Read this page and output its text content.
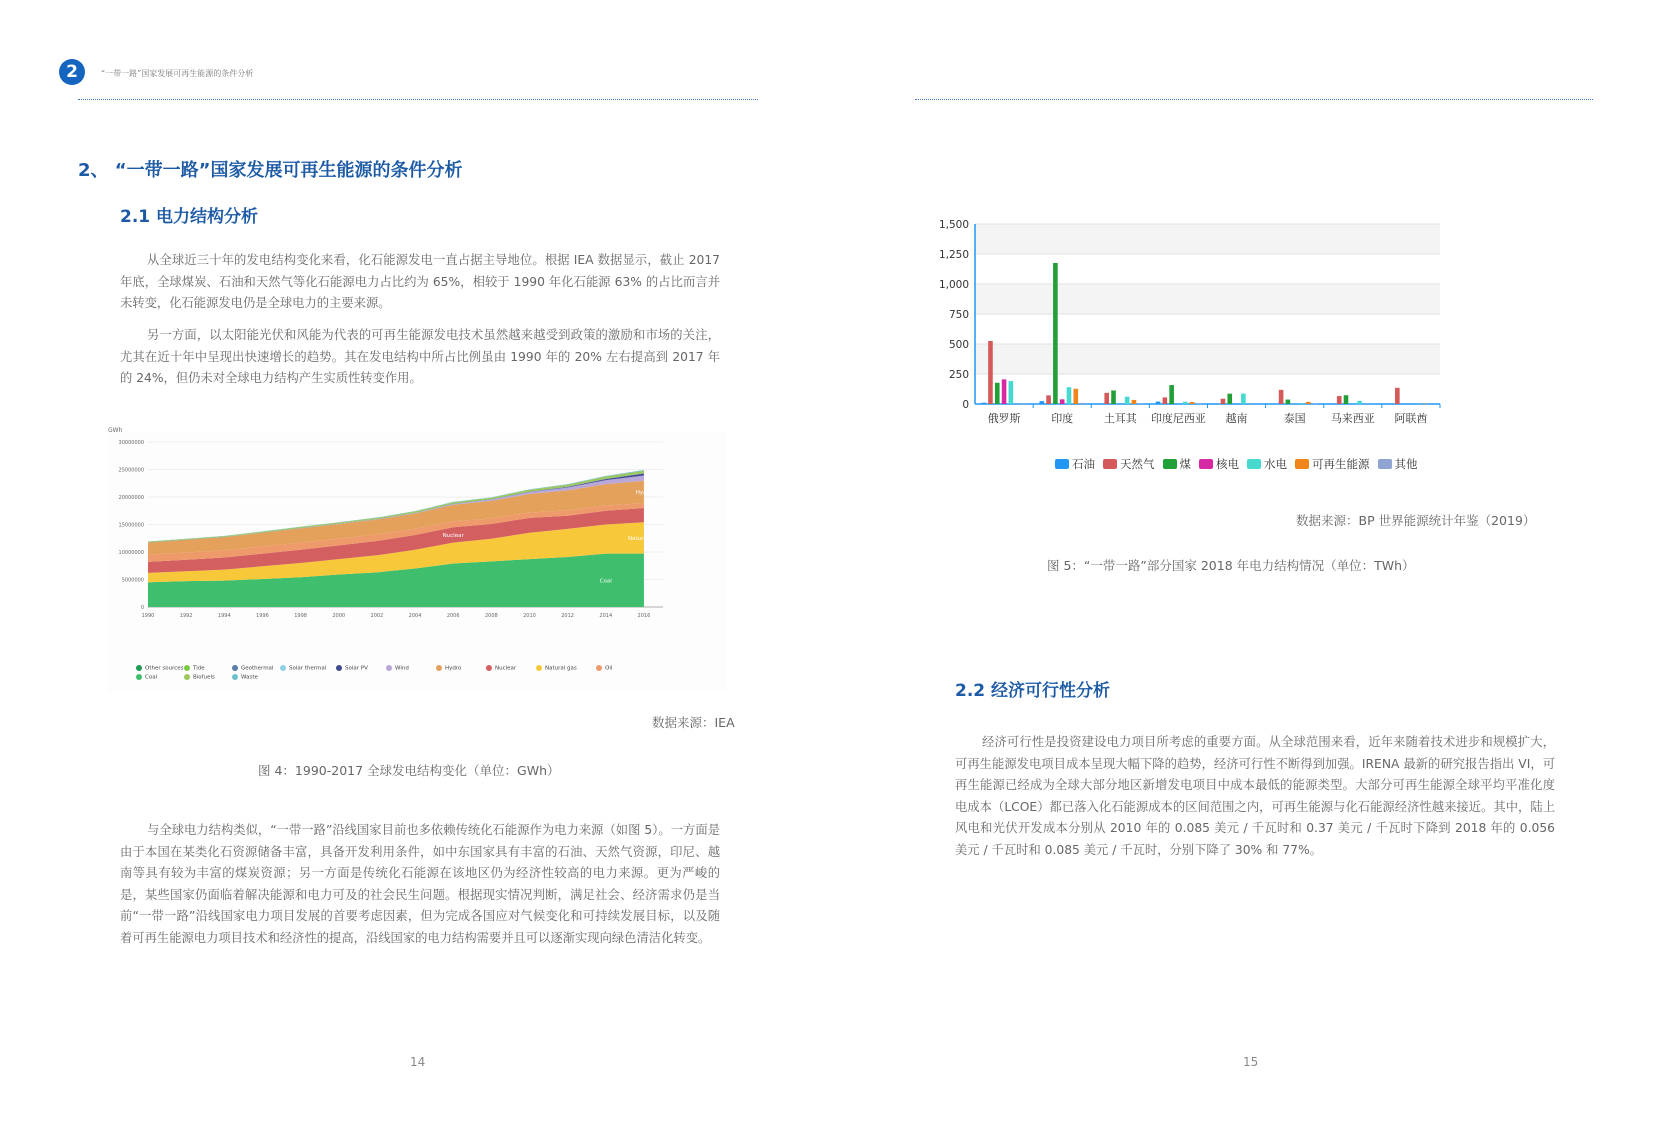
2	“一带一路”国家发展可再生能源的条件分析
2、 “一带一路”国家发展可再生能源的条件分析
2.1 电力结构分析

从全球近三十年的发电结构变化来看，化石能源发电一直占据主导地位。根据 IEA 数据显示，截止 2017 年底，全球煤炭、石油和天然气等化石能源电力占比约为 65%，相较于 1990 年化石能源 63% 的占比而言并未转变，化石能源发电仍是全球电力的主要来源。

另一方面，以太阳能光伏和风能为代表的可再生能源发电技术虽然越来越受到政策的激励和市场的关注，尤其在近十年中呈现出快速增长的趋势。其在发电结构中所占比例虽由 1990 年的 20% 左右提高到 2017 年的 24%，但仍未对全球电力结构产生实质性转变作用。

GWh
0
5000000
10000000
15000000
20000000
25000000
30000000
Hydro
Nuclear
Natural gas
Coal
1990	1992	1994	1996	1998	2000	2002	2004	2006	2008	2010	2012	2014	2016
Other sources	Tide	Geothermal	Solar thermal	Solar PV	Wind	Hydro	Nuclear	Natural gas	Oil
Coal	Biofuels	Waste
数据来源：IEA
图 4：1990-2017 全球发电结构变化（单位：GWh）

与全球电力结构类似，“一带一路”沿线国家目前也多依赖传统化石能源作为电力来源（如图 5）。一方面是由于本国在某类化石资源储备丰富，具备开发利用条件，如中东国家具有丰富的石油、天然气资源，印尼、越南等具有较为丰富的煤炭资源；另一方面是传统化石能源在该地区仍为经济性较高的电力来源。更为严峻的是，某些国家仍面临着解决能源和电力可及的社会民生问题。根据现实情况判断，满足社会、经济需求仍是当前“一带一路”沿线国家电力项目发展的首要考虑因素，但为完成各国应对气候变化和可持续发展目标，以及随着可再生能源电力项目技术和经济性的提高，沿线国家的电力结构需要并且可以逐渐实现向绿色清洁化转变。

14
0
250
500
750
1,000
1,250
1,500
俄罗斯	印度	土耳其 印度尼西亚 越南	泰国 马来西亚 阿联酋
石油 天然气 煤 核电 水电 可再生能源 其他
数据来源：BP 世界能源统计年鉴（2019）
图 5：“一带一路”部分国家 2018 年电力结构情况（单位：TWh）
2.2 经济可行性分析

经济可行性是投资建设电力项目所考虑的重要方面。从全球范围来看，近年来随着技术进步和规模扩大，可再生能源发电项目成本呈现大幅下降的趋势，经济可行性不断得到加强。IRENA 最新的研究报告指出 VI，可再生能源已经成为全球大部分地区新增发电项目中成本最低的能源类型。大部分可再生能源全球平均平准化度电成本（LCOE）都已落入化石能源成本的区间范围之内，可再生能源与化石能源经济性越来接近。其中，陆上风电和光伏开发成本分别从 2010 年的 0.085 美元 / 千瓦时和 0.37 美元 / 千瓦时下降到 2018 年的 0.056 美元 / 千瓦时和 0.085 美元 / 千瓦时，分别下降了 30% 和 77%。

15
